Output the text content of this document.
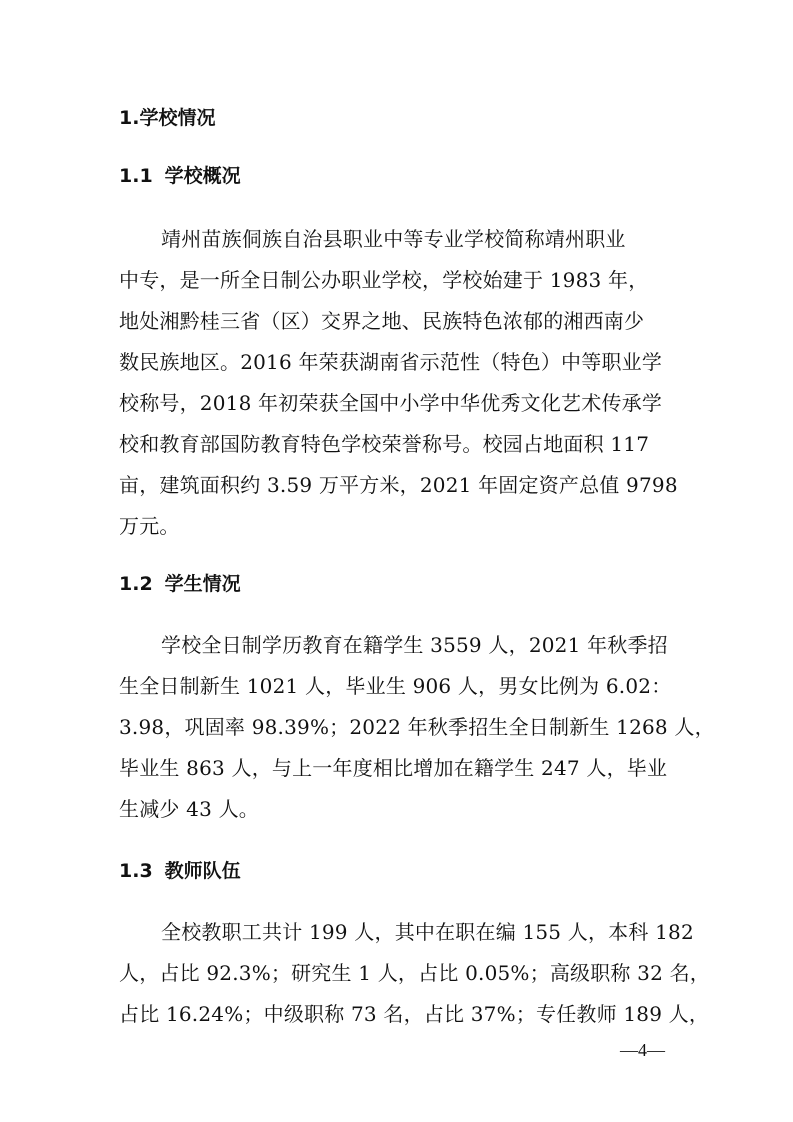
1.学校情况
1.1 学校概况
靖州苗族侗族自治县职业中等专业学校简称靖州职业
中专，是一所全日制公办职业学校，学校始建于 1983 年，
地处湘黔桂三省（区）交界之地、民族特色浓郁的湘西南少
数民族地区。2016 年荣获湖南省示范性（特色）中等职业学
校称号，2018 年初荣获全国中小学中华优秀文化艺术传承学
校和教育部国防教育特色学校荣誉称号。校园占地面积 117
亩，建筑面积约 3.59 万平方米，2021 年固定资产总值 9798
万元。
1.2 学生情况
学校全日制学历教育在籍学生 3559 人，2021 年秋季招
生全日制新生 1021 人，毕业生 906 人，男女比例为 6.02：
3.98，巩固率 98.39%；2022 年秋季招生全日制新生 1268 人，
毕业生 863 人，与上一年度相比增加在籍学生 247 人，毕业
生减少 43 人。
1.3 教师队伍
全校教职工共计 199 人，其中在职在编 155 人，本科 182
人，占比 92.3%；研究生 1 人，占比 0.05%；高级职称 32 名，
占比 16.24%；中级职称 73 名，占比 37%；专任教师 189 人，
—4—
